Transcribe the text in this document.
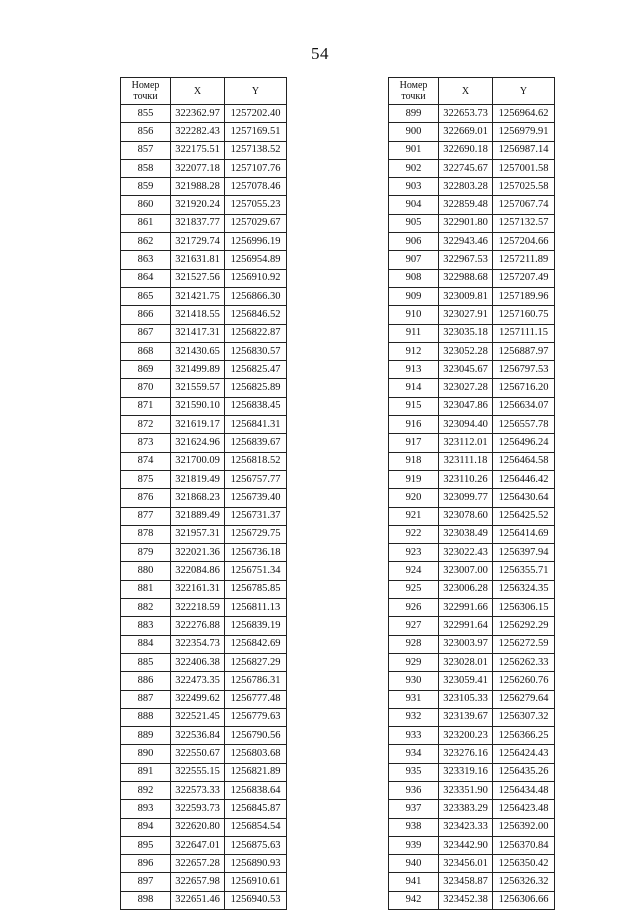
54
Номер
точки	X	Y
855	322362.97	1257202.40
856	322282.43	1257169.51
857	322175.51	1257138.52
858	322077.18	1257107.76
859	321988.28	1257078.46
860	321920.24	1257055.23
861	321837.77	1257029.67
862	321729.74	1256996.19
863	321631.81	1256954.89
864	321527.56	1256910.92
865	321421.75	1256866.30
866	321418.55	1256846.52
867	321417.31	1256822.87
868	321430.65	1256830.57
869	321499.89	1256825.47
870	321559.57	1256825.89
871	321590.10	1256838.45
872	321619.17	1256841.31
873	321624.96	1256839.67
874	321700.09	1256818.52
875	321819.49	1256757.77
876	321868.23	1256739.40
877	321889.49	1256731.37
878	321957.31	1256729.75
879	322021.36	1256736.18
880	322084.86	1256751.34
881	322161.31	1256785.85
882	322218.59	1256811.13
883	322276.88	1256839.19
884	322354.73	1256842.69
885	322406.38	1256827.29
886	322473.35	1256786.31
887	322499.62	1256777.48
888	322521.45	1256779.63
889	322536.84	1256790.56
890	322550.67	1256803.68
891	322555.15	1256821.89
892	322573.33	1256838.64
893	322593.73	1256845.87
894	322620.80	1256854.54
895	322647.01	1256875.63
896	322657.28	1256890.93
897	322657.98	1256910.61
898	322651.46	1256940.53
Номер
точки	X	Y
899	322653.73	1256964.62
900	322669.01	1256979.91
901	322690.18	1256987.14
902	322745.67	1257001.58
903	322803.28	1257025.58
904	322859.48	1257067.74
905	322901.80	1257132.57
906	322943.46	1257204.66
907	322967.53	1257211.89
908	322988.68	1257207.49
909	323009.81	1257189.96
910	323027.91	1257160.75
911	323035.18	1257111.15
912	323052.28	1256887.97
913	323045.67	1256797.53
914	323027.28	1256716.20
915	323047.86	1256634.07
916	323094.40	1256557.78
917	323112.01	1256496.24
918	323111.18	1256464.58
919	323110.26	1256446.42
920	323099.77	1256430.64
921	323078.60	1256425.52
922	323038.49	1256414.69
923	323022.43	1256397.94
924	323007.00	1256355.71
925	323006.28	1256324.35
926	322991.66	1256306.15
927	322991.64	1256292.29
928	323003.97	1256272.59
929	323028.01	1256262.33
930	323059.41	1256260.76
931	323105.33	1256279.64
932	323139.67	1256307.32
933	323200.23	1256366.25
934	323276.16	1256424.43
935	323319.16	1256435.26
936	323351.90	1256434.48
937	323383.29	1256423.48
938	323423.33	1256392.00
939	323442.90	1256370.84
940	323456.01	1256350.42
941	323458.87	1256326.32
942	323452.38	1256306.66
